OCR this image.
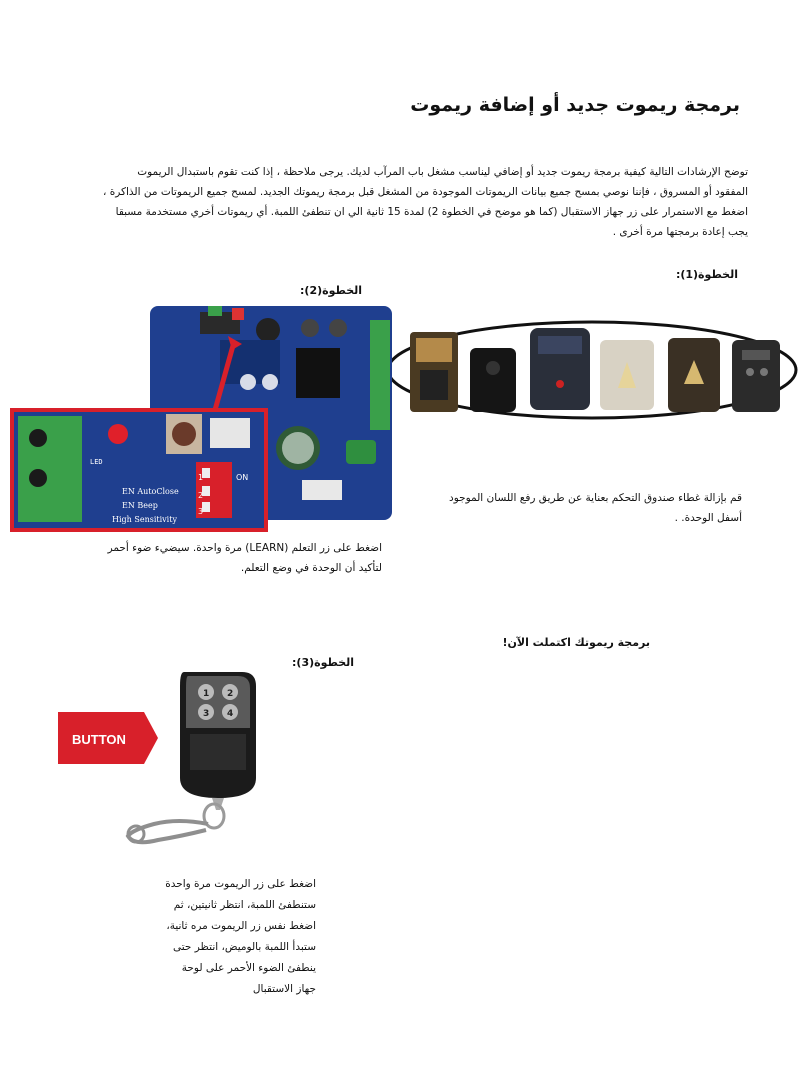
برمجة ريموت جديد أو إضافة ريموت
توضح الإرشادات التالية كيفية برمجة ريموت جديد أو إضافي ليناسب مشغل باب المرآب لديك. يرجى ملاحظة ، إذا كنت تقوم باستبدال الريموت
المفقود أو المسروق ، فإننا نوصي بمسح جميع بيانات الريموتات الموجودة من المشغل قبل برمجة ريموتك الجديد. لمسح جميع الريموتات من الذاكرة ،
اضغط مع الاستمرار على زر جهاز الاستقبال (كما هو موضح في الخطوة 2) لمدة 15 ثانية الي ان تنطفئ اللمبة. أي ريموتات أخري مستخدمة مسبقا
يجب إعادة برمجتها مرة أخرى .
الخطوة(1):
الخطوة(2):
قم بإزالة غطاء صندوق التحكم بعناية عن طريق رفع اللسان الموجود
أسفل الوحدة. .
LED
EN AutoClose
EN Beep
High Sensitivity
ON
1
2
3
اضغط على زر التعلم (LEARN) مرة واحدة. سيضيء ضوء أحمر
لتأكيد أن الوحدة في وضع التعلم.
برمجة ريموتك اكتملت الآن!
الخطوة(3):
BUTTON
1 2
3 4
اضغط على زر الريموت مرة واحدة
ستنطفئ اللمبة، انتظر ثانيتين، ثم
اضغط نفس زر الريموت مره ثانية،
ستبدأ اللمبة بالوميض، انتظر حتى
ينطفئ الضوء الأحمر على لوحة
جهاز الاستقبال
